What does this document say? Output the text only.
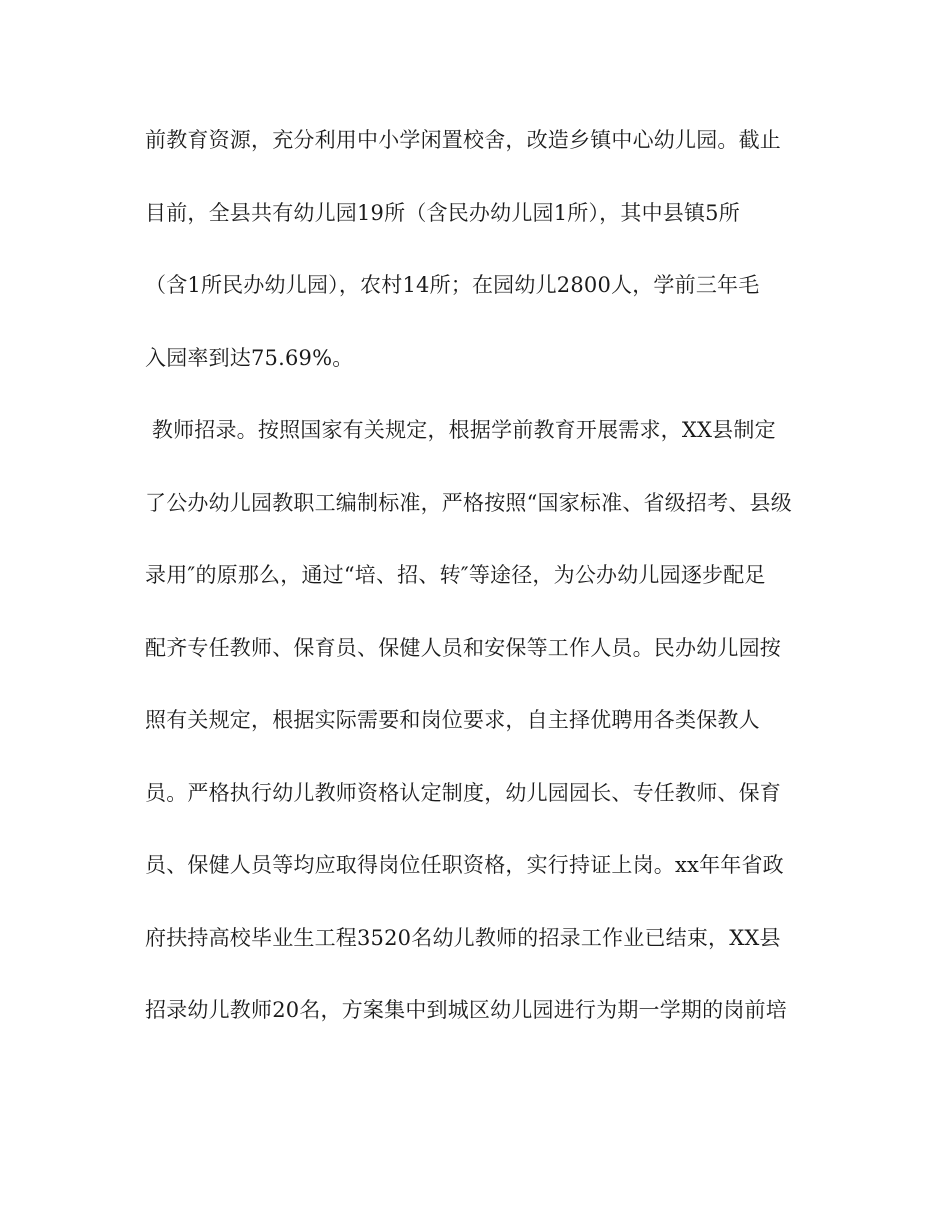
前教育资源，充分利用中小学闲置校舍，改造乡镇中心幼儿园。截止
目前，全县共有幼儿园19所（含民办幼儿园1所），其中县镇5所
（含1所民办幼儿园），农村14所；在园幼儿2800人，学前三年毛
入园率到达75.69%。
教师招录。按照国家有关规定，根据学前教育开展需求，XX县制定
了公办幼儿园教职工编制标准，严格按照“国家标准、省级招考、县级
录用″的原那么，通过“培、招、转″等途径，为公办幼儿园逐步配足
配齐专任教师、保育员、保健人员和安保等工作人员。民办幼儿园按
照有关规定，根据实际需要和岗位要求，自主择优聘用各类保教人
员。严格执行幼儿教师资格认定制度，幼儿园园长、专任教师、保育
员、保健人员等均应取得岗位任职资格，实行持证上岗。xx年年省政
府扶持高校毕业生工程3520名幼儿教师的招录工作业已结束，XX县
招录幼儿教师20名，方案集中到城区幼儿园进行为期一学期的岗前培
